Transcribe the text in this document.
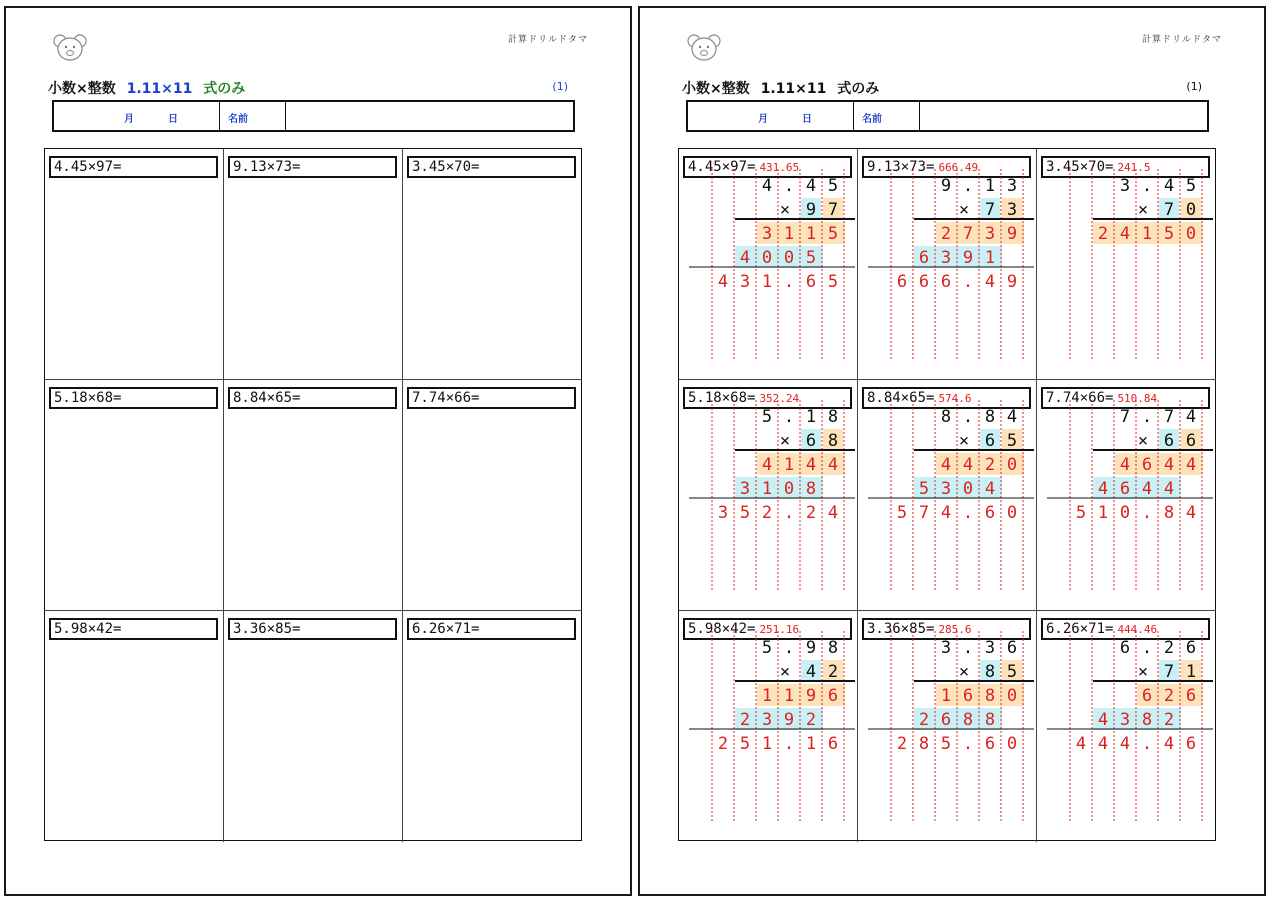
計算ドリルドタマ
小数×整数 1.11×11 式のみ	(1)
月	日	名前
4.45×97=	9.13×73=	3.45×70=
5.18×68=	8.84×65=	7.74×66=
5.98×42=	3.36×85=	6.26×71=
計算ドリルドタマ
小数×整数 1.11×11 式のみ	(1)
月	日	名前
4.45×97= 431.65
4 . 4 5
× 9 7
3 1 1 5
4 0 0 5
4 3 1 . 6 5
9.13×73= 666.49
9 . 1 3
× 7 3
2 7 3 9
6 3 9 1
6 6 6 . 4 9
3.45×70= 241.5
3 . 4 5
× 7 0
2 4 1 5 0
5.18×68= 352.24
5 . 1 8
× 6 8
4 1 4 4
3 1 0 8
3 5 2 . 2 4
8.84×65= 574.6
8 . 8 4
× 6 5
4 4 2 0
5 3 0 4
5 7 4 . 6 0
7.74×66= 510.84
7 . 7 4
× 6 6
4 6 4 4
4 6 4 4
5 1 0 . 8 4
5.98×42= 251.16
5 . 9 8
× 4 2
1 1 9 6
2 3 9 2
2 5 1 . 1 6
3.36×85= 285.6
3 . 3 6
× 8 5
1 6 8 0
2 6 8 8
2 8 5 . 6 0
6.26×71= 444.46
6 . 2 6
× 7 1
6 2 6
4 3 8 2
4 4 4 . 4 6
